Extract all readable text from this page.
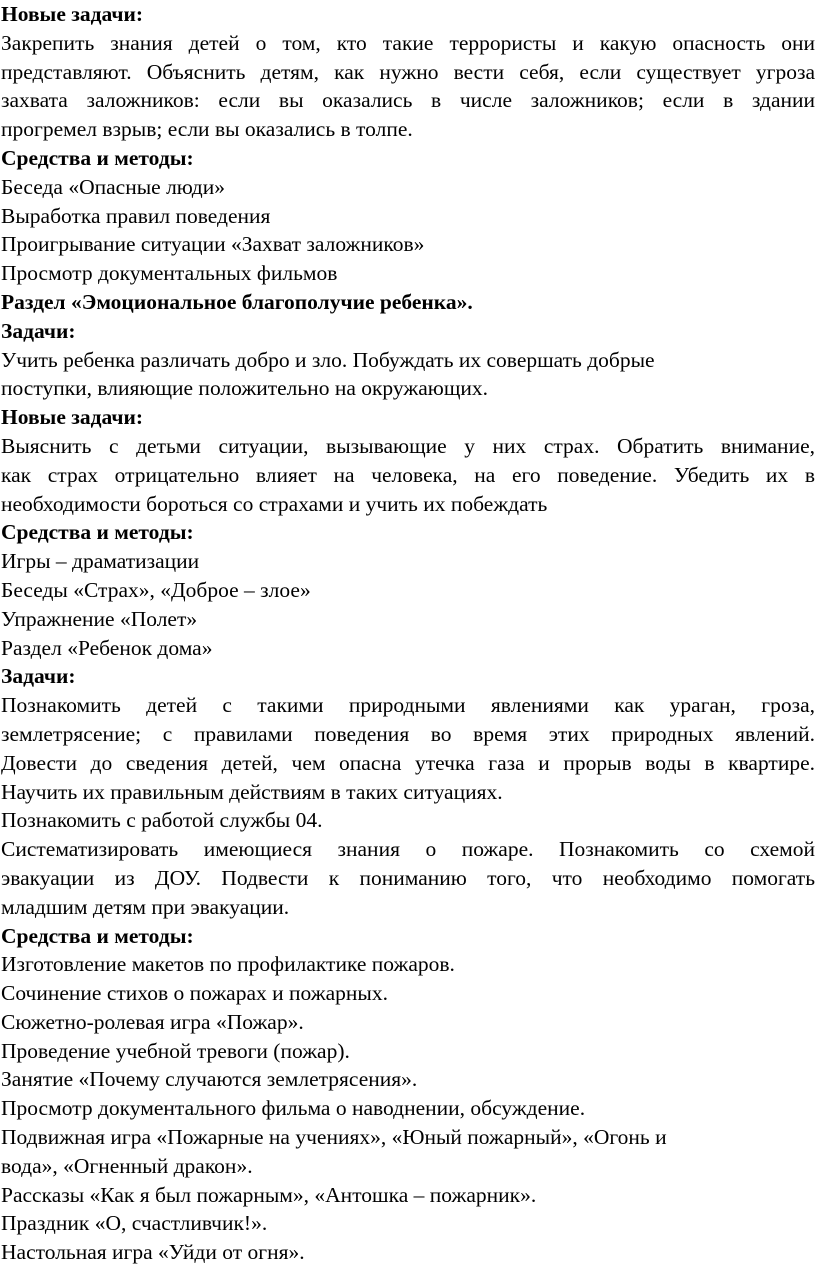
Новые задачи:
Закрепить знания детей о том, кто такие террористы и какую опасность они
представляют. Объяснить детям, как нужно вести себя, если существует угроза
захвата заложников: если вы оказались в числе заложников; если в здании
прогремел взрыв; если вы оказались в толпе.
Средства и методы:
Беседа «Опасные люди»
Выработка правил поведения
Проигрывание ситуации «Захват заложников»
Просмотр документальных фильмов
Раздел «Эмоциональное благополучие ребенка».
Задачи:
Учить ребенка различать добро и зло. Побуждать их совершать добрые
поступки, влияющие положительно на окружающих.
Новые задачи:
Выяснить с детьми ситуации, вызывающие у них страх. Обратить внимание,
как страх отрицательно влияет на человека, на его поведение. Убедить их в
необходимости бороться со страхами и учить их побеждать
Средства и методы:
Игры – драматизации
Беседы «Страх», «Доброе – злое»
Упражнение «Полет»
Раздел «Ребенок дома»
Задачи:
Познакомить детей с такими природными явлениями как ураган, гроза,
землетрясение; с правилами поведения во время этих природных явлений.
Довести до сведения детей, чем опасна утечка газа и прорыв воды в квартире.
Научить их правильным действиям в таких ситуациях.
Познакомить с работой службы 04.
Систематизировать имеющиеся знания о пожаре. Познакомить со схемой
эвакуации из ДОУ. Подвести к пониманию того, что необходимо помогать
младшим детям при эвакуации.
Средства и методы:
Изготовление макетов по профилактике пожаров.
Сочинение стихов о пожарах и пожарных.
Сюжетно-ролевая игра «Пожар».
Проведение учебной тревоги (пожар).
Занятие «Почему случаются землетрясения».
Просмотр документального фильма о наводнении, обсуждение.
Подвижная игра «Пожарные на учениях», «Юный пожарный», «Огонь и
вода», «Огненный дракон».
Рассказы «Как я был пожарным», «Антошка – пожарник».
Праздник «О, счастливчик!».
Настольная игра «Уйди от огня».
